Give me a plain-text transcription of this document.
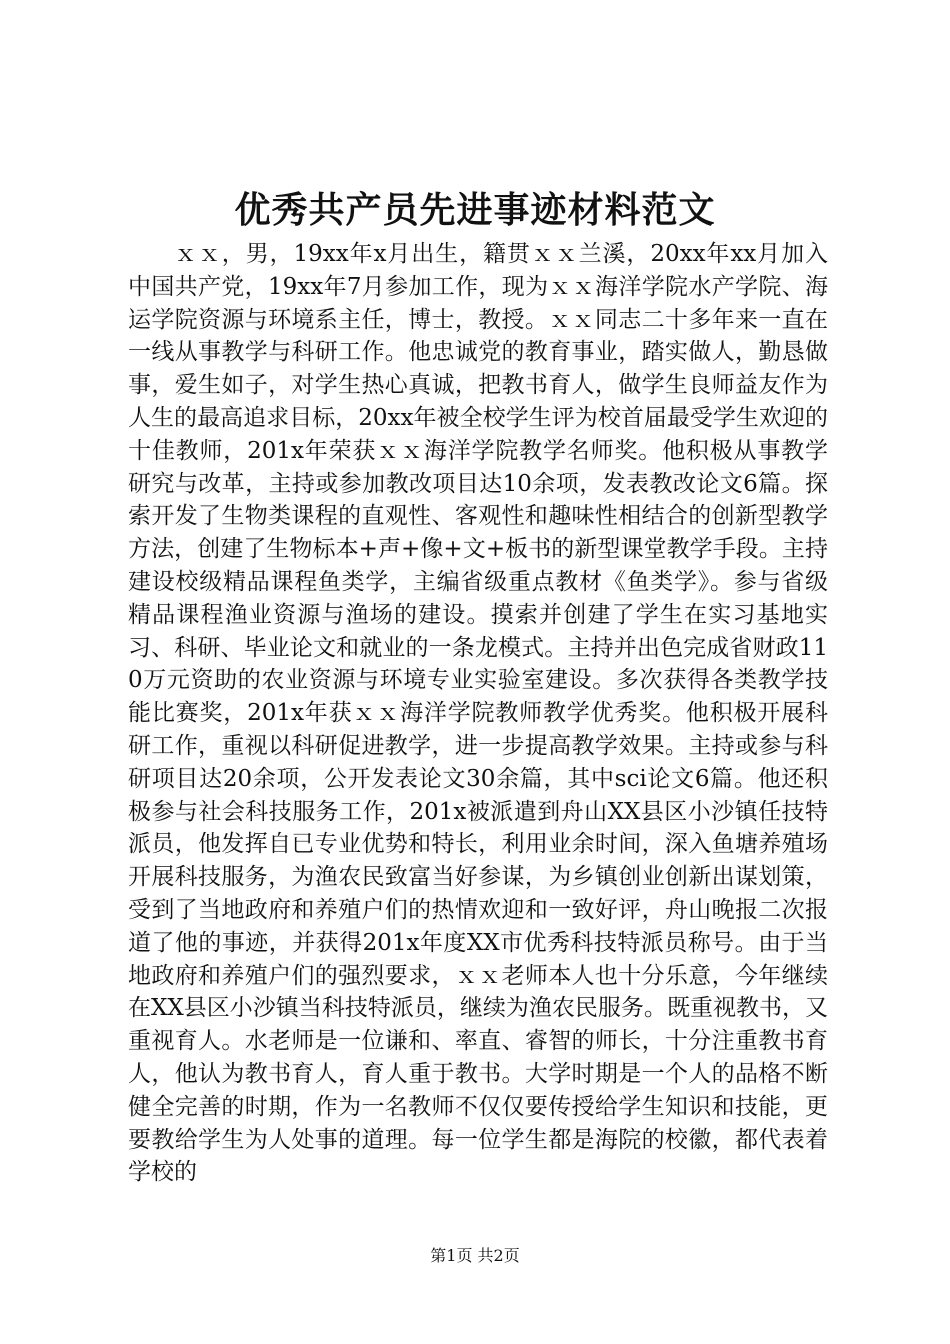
优秀共产员先进事迹材料范文

ｘｘ，男，19xx年x月出生，籍贯ｘｘ兰溪，20xx年xx月加入中国共产党，19xx年7月参加工作，现为ｘｘ海洋学院水产学院、海运学院资源与环境系主任，博士，教授。ｘｘ同志二十多年来一直在一线从事教学与科研工作。他忠诚党的教育事业，踏实做人，勤恳做事，爱生如子，对学生热心真诚，把教书育人，做学生良师益友作为人生的最高追求目标，20xx年被全校学生评为校首届最受学生欢迎的十佳教师，201x年荣获ｘｘ海洋学院教学名师奖。他积极从事教学研究与改革，主持或参加教改项目达10余项，发表教改论文6篇。探索开发了生物类课程的直观性、客观性和趣味性相结合的创新型教学方法，创建了生物标本+声+像+文+板书的新型课堂教学手段。主持建设校级精品课程鱼类学，主编省级重点教材《鱼类学》。参与省级精品课程渔业资源与渔场的建设。摸索并创建了学生在实习基地实习、科研、毕业论文和就业的一条龙模式。主持并出色完成省财政110万元资助的农业资源与环境专业实验室建设。多次获得各类教学技能比赛奖，201x年获ｘｘ海洋学院教师教学优秀奖。他积极开展科研工作，重视以科研促进教学，进一步提高教学效果。主持或参与科研项目达20余项，公开发表论文30余篇，其中sci论文6篇。他还积极参与社会科技服务工作，201x被派遣到舟山XX县区小沙镇任技特派员，他发挥自已专业优势和特长，利用业余时间，深入鱼塘养殖场开展科技服务，为渔农民致富当好参谋，为乡镇创业创新出谋划策，受到了当地政府和养殖户们的热情欢迎和一致好评，舟山晚报二次报道了他的事迹，并获得201x年度XX市优秀科技特派员称号。由于当地政府和养殖户们的强烈要求，ｘｘ老师本人也十分乐意，今年继续在XX县区小沙镇当科技特派员，继续为渔农民服务。既重视教书，又重视育人。水老师是一位谦和、率直、睿智的师长，十分注重教书育人，他认为教书育人，育人重于教书。大学时期是一个人的品格不断健全完善的时期，作为一名教师不仅仅要传授给学生知识和技能，更要教给学生为人处事的道理。每一位学生都是海院的校徽，都代表着学校的

第1页 共2页
